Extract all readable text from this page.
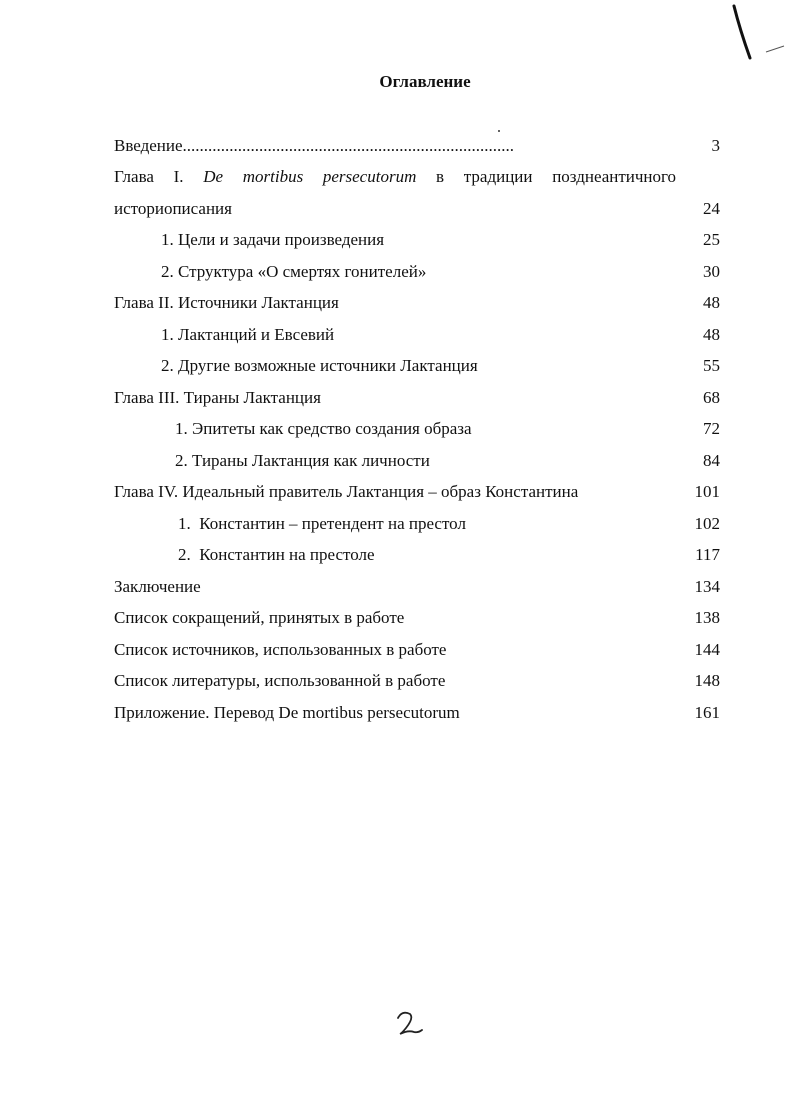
Оглавление
Введение..............................................................................	3
Глава I. De mortibus persecutorum в традиции позднеантичного
историописания	24
1. Цели и задачи произведения	25
2. Структура «О смертях гонителей»	30
Глава II. Источники Лактанция	48
1. Лактанций и Евсевий	48
2. Другие возможные источники Лактанция	55
Глава III. Тираны Лактанция	68
1. Эпитеты как средство создания образа	72
2. Тираны Лактанция как личности	84
Глава IV. Идеальный правитель Лактанция – образ Константина	101
1.  Константин – претендент на престол	102
2.  Константин на престоле	117
Заключение	134
Список сокращений, принятых в работе	138
Список источников, использованных в работе	144
Список литературы, использованной в работе	148
Приложение. Перевод De mortibus persecutorum	161
